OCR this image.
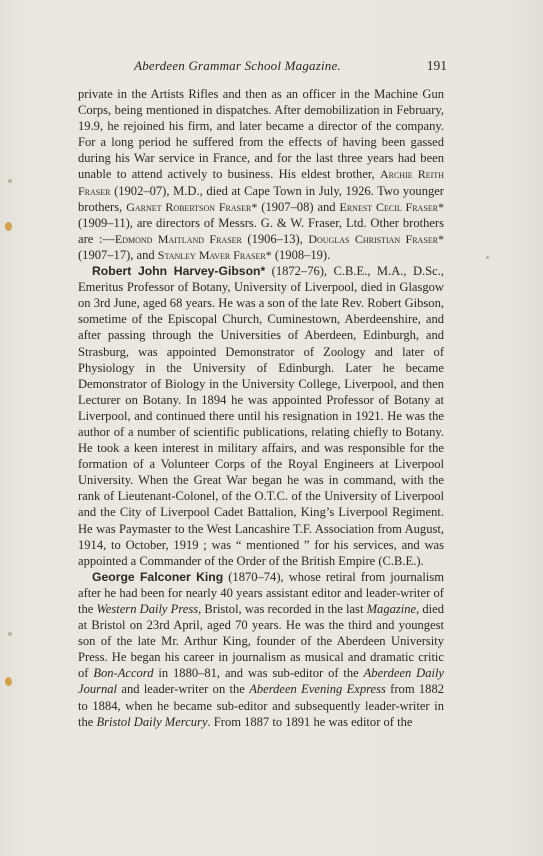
Aberdeen Grammar School Magazine.	191

private in the Artists Rifles and then as an officer in the Machine Gun Corps, being mentioned in dispatches. After demobilization in February, 19.9, he rejoined his firm, and later became a director of the company. For a long period he suffered from the effects of having been gassed during his War service in France, and for the last three years had been unable to attend actively to business. His eldest brother, Archie Reith Fraser (1902–07), M.D., died at Cape Town in July, 1926. Two younger brothers, Garnet Robertson Fraser* (1907–08) and Ernest Cecil Fraser* (1909–11), are directors of Messrs. G. & W. Fraser, Ltd. Other brothers are :—Edmond Maitland Fraser (1906–13), Douglas Christian Fraser* (1907–17), and Stanley Maver Fraser* (1908–19).

Robert John Harvey-Gibson* (1872–76), C.B.E., M.A., D.Sc., Emeritus Professor of Botany, University of Liverpool, died in Glasgow on 3rd June, aged 68 years. He was a son of the late Rev. Robert Gibson, sometime of the Episcopal Church, Cuminestown, Aberdeenshire, and after passing through the Universities of Aberdeen, Edinburgh, and Strasburg, was appointed Demonstrator of Zoology and later of Physiology in the University of Edinburgh. Later he became Demonstrator of Biology in the University College, Liverpool, and then Lecturer on Botany. In 1894 he was appointed Professor of Botany at Liverpool, and continued there until his resignation in 1921. He was the author of a number of scientific publications, relating chiefly to Botany. He took a keen interest in military affairs, and was responsible for the formation of a Volunteer Corps of the Royal Engineers at Liverpool University. When the Great War began he was in command, with the rank of Lieutenant-Colonel, of the O.T.C. of the University of Liverpool and the City of Liverpool Cadet Battalion, King’s Liverpool Regiment. He was Paymaster to the West Lancashire T.F. Association from August, 1914, to October, 1919 ; was “ mentioned ” for his services, and was appointed a Commander of the Order of the British Empire (C.B.E.).

George Falconer King (1870–74), whose retiral from journalism after he had been for nearly 40 years assistant editor and leader-writer of the Western Daily Press, Bristol, was recorded in the last Magazine, died at Bristol on 23rd April, aged 70 years. He was the third and youngest son of the late Mr. Arthur King, founder of the Aberdeen University Press. He began his career in journalism as musical and dramatic critic of Bon-Accord in 1880–81, and was sub-editor of the Aberdeen Daily Journal and leader-writer on the Aberdeen Evening Express from 1882 to 1884, when he became sub-editor and subsequently leader-writer in the Bristol Daily Mercury. From 1887 to 1891 he was editor of the
